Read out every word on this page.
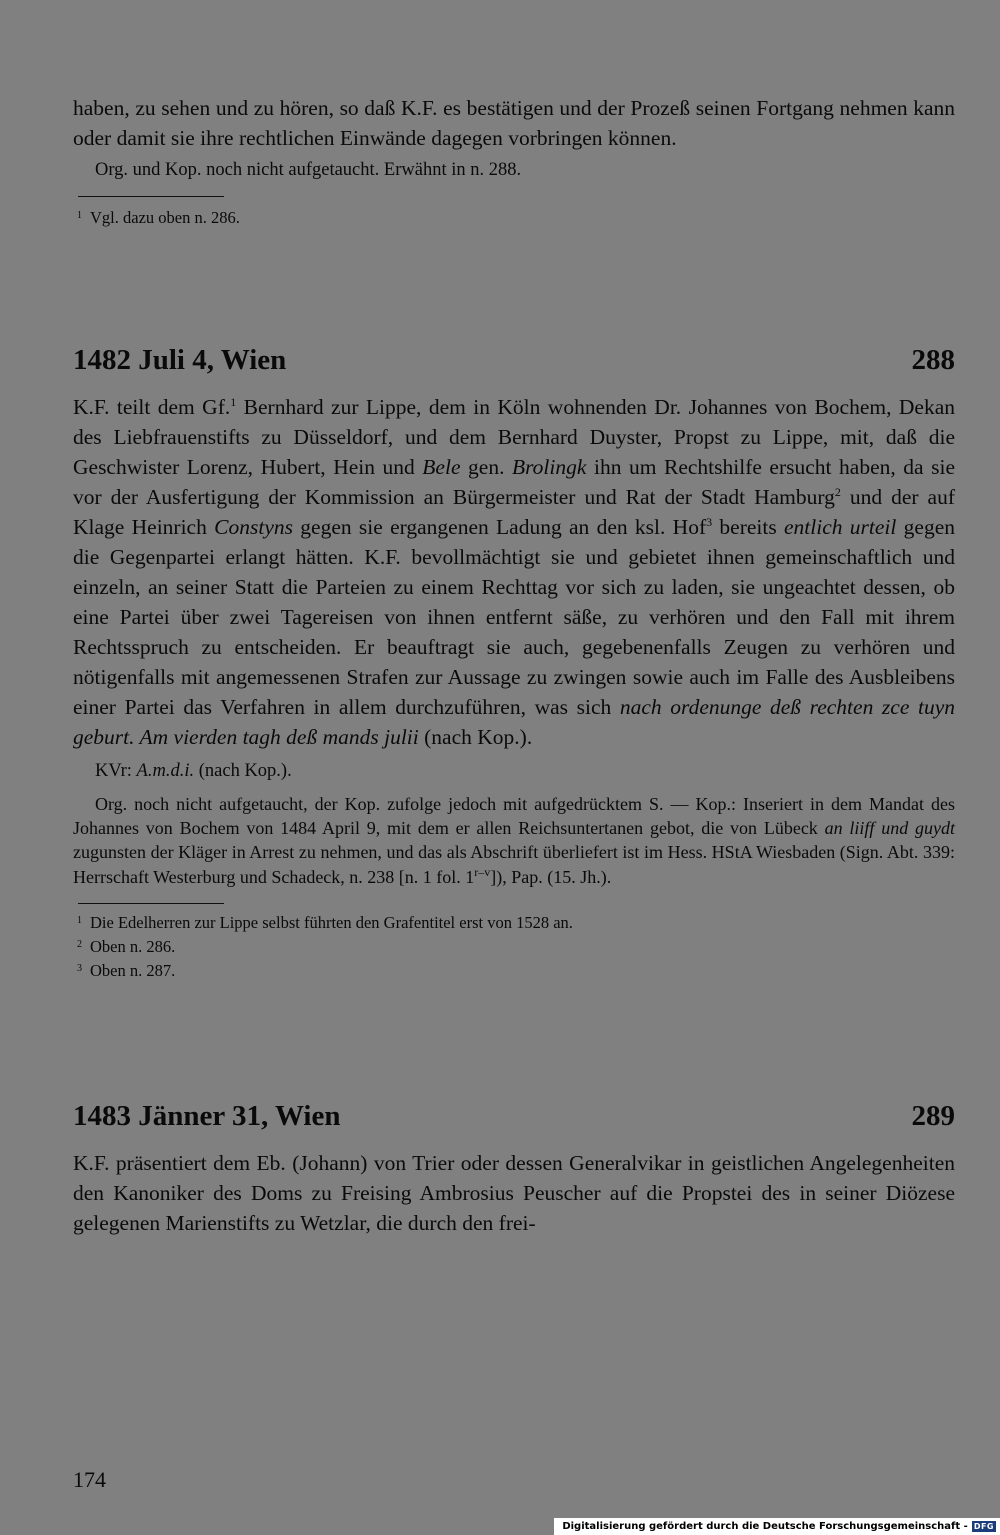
haben, zu sehen und zu hören, so daß K.F. es bestätigen und der Prozeß seinen Fortgang nehmen kann oder damit sie ihre rechtlichen Einwände dagegen vorbringen können.

Org. und Kop. noch nicht aufgetaucht. Erwähnt in n. 288.

$^1$ Vgl. dazu oben n. 286.

1482 Juli 4, Wien	288

K.F. teilt dem Gf.$^1$ Bernhard zur Lippe, dem in Köln wohnenden Dr. Johannes von Bochem, Dekan des Liebfrauenstifts zu Düsseldorf, und dem Bernhard Duyster, Propst zu Lippe, mit, daß die Geschwister Lorenz, Hubert, Hein und Bele gen. Brolingk ihn um Rechtshilfe ersucht haben, da sie vor der Ausfertigung der Kommission an Bürgermeister und Rat der Stadt Hamburg$^2$ und der auf Klage Heinrich Constyns gegen sie ergangenen Ladung an den ksl. Hof$^3$ bereits entlich urteil gegen die Gegenpartei erlangt hätten. K.F. bevollmächtigt sie und gebietet ihnen gemeinschaftlich und einzeln, an seiner Statt die Parteien zu einem Rechttag vor sich zu laden, sie ungeachtet dessen, ob eine Partei über zwei Tagereisen von ihnen entfernt säße, zu verhören und den Fall mit ihrem Rechtsspruch zu entscheiden. Er beauftragt sie auch, gegebenenfalls Zeugen zu verhören und nötigenfalls mit angemessenen Strafen zur Aussage zu zwingen sowie auch im Falle des Ausbleibens einer Partei das Verfahren in allem durchzuführen, was sich nach ordenunge deß rechten zce tuyn geburt. Am vierden tagh deß mands julii (nach Kop.).

KVr: A.m.d.i. (nach Kop.).

Org. noch nicht aufgetaucht, der Kop. zufolge jedoch mit aufgedrücktem S. — Kop.: Inseriert in dem Mandat des Johannes von Bochem von 1484 April 9, mit dem er allen Reichsuntertanen gebot, die von Lübeck an liiff und guydt zugunsten der Kläger in Arrest zu nehmen, und das als Abschrift überliefert ist im Hess. HStA Wiesbaden (Sign. Abt. 339: Herrschaft Westerburg und Schadeck, n. 238 [n. 1 fol. 1$^{r-v}$]), Pap. (15. Jh.).

$^1$ Die Edelherren zur Lippe selbst führten den Grafentitel erst von 1528 an.

$^2$ Oben n. 286.

$^3$ Oben n. 287.

1483 Jänner 31, Wien	289

K.F. präsentiert dem Eb. (Johann) von Trier oder dessen Generalvikar in geistlichen Angelegenheiten den Kanoniker des Doms zu Freising Ambrosius Peuscher auf die Propstei des in seiner Diözese gelegenen Marienstifts zu Wetzlar, die durch den frei-

174
Digitalisierung gefördert durch die Deutsche Forschungsgemeinschaft - DFG
